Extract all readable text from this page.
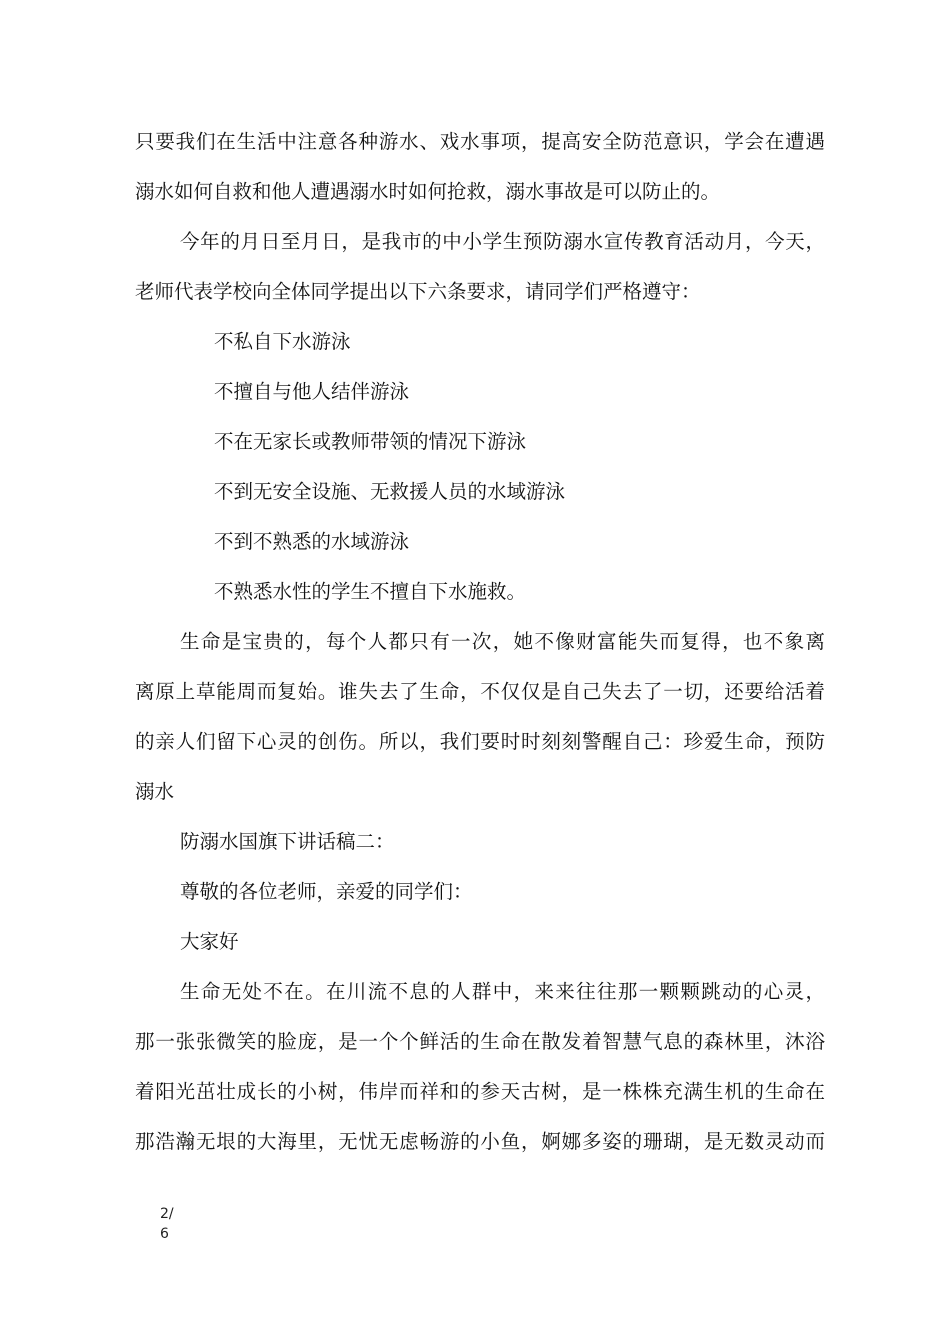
只要我们在生活中注意各种游水、戏水事项，提高安全防范意识，学会在遭遇
溺水如何自救和他人遭遇溺水时如何抢救，溺水事故是可以防止的。
今年的月日至月日，是我市的中小学生预防溺水宣传教育活动月，今天，
老师代表学校向全体同学提出以下六条要求，请同学们严格遵守：
不私自下水游泳
不擅自与他人结伴游泳
不在无家长或教师带领的情况下游泳
不到无安全设施、无救援人员的水域游泳
不到不熟悉的水域游泳
不熟悉水性的学生不擅自下水施救。
生命是宝贵的，每个人都只有一次，她不像财富能失而复得，也不象离
离原上草能周而复始。谁失去了生命，不仅仅是自己失去了一切，还要给活着
的亲人们留下心灵的创伤。所以，我们要时时刻刻警醒自己：珍爱生命，预防
溺水
防溺水国旗下讲话稿二：
尊敬的各位老师，亲爱的同学们：
大家好
生命无处不在。在川流不息的人群中，来来往往那一颗颗跳动的心灵，
那一张张微笑的脸庞，是一个个鲜活的生命在散发着智慧气息的森林里，沐浴
着阳光茁壮成长的小树，伟岸而祥和的参天古树，是一株株充满生机的生命在
那浩瀚无垠的大海里，无忧无虑畅游的小鱼，婀娜多姿的珊瑚，是无数灵动而
2/
6
